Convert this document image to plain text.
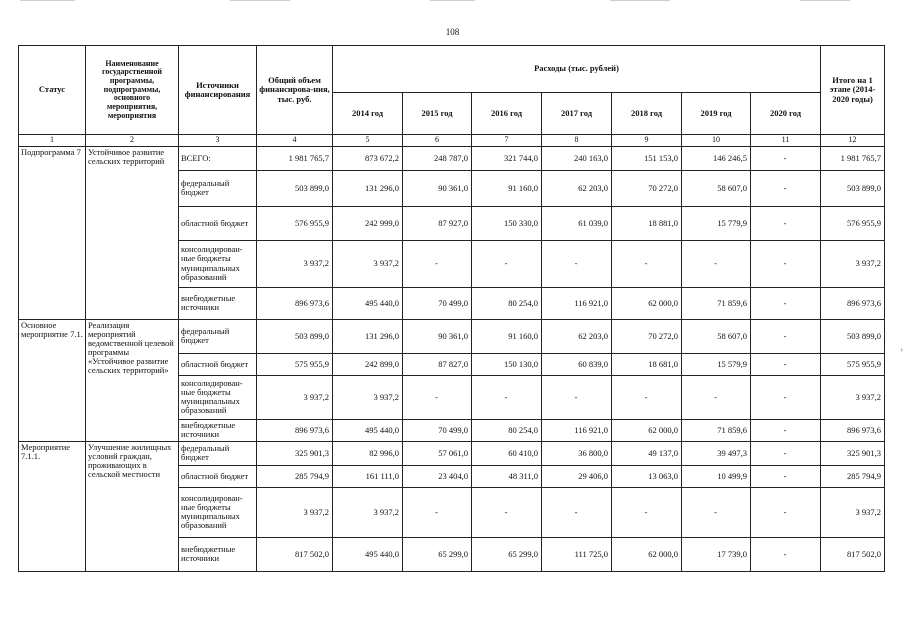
108
Статус	Наименование государственной программы, подпрограммы, основного мероприятия, мероприятия	Источники финансирования	Общий объем финансирова-ния, тыс. руб.	Расходы (тыс. рублей)							Итого на 1 этапе (2014-2020 годы)
				2014 год	2015 год	2016 год	2017 год	2018 год	2019 год	2020 год	
1	2	3	4	5	6	7	8	9	10	11	12
Подпрограмма 7	Устойчивое развитие сельских территорий	ВСЕГО:	1 981 765,7	873 672,2	248 787,0	321 744,0	240 163,0	151 153,0	146 246,5	-	1 981 765,7
		федеральный бюджет	503 899,0	131 296,0	90 361,0	91 160,0	62 203,0	70 272,0	58 607,0	-	503 899,0
		областной бюджет	576 955,9	242 999,0	87 927,0	150 330,0	61 039,0	18 881,0	15 779,9	-	576 955,9
		консолидирован-ные бюджеты муниципальных образований	3 937,2	3 937,2	-	-	-	-	-	-	3 937,2
		внебюджетные источники	896 973,6	495 440,0	70 499,0	80 254,0	116 921,0	62 000,0	71 859,6	-	896 973,6
Основное мероприятие 7.1.	Реализация мероприятий ведомственной целевой программы «Устойчивое развитие сельских территорий»	федеральный бюджет	503 899,0	131 296,0	90 361,0	91 160,0	62 203,0	70 272,0	58 607,0	-	503 899,0
		областной бюджет	575 955,9	242 899,0	87 827,0	150 130,0	60 839,0	18 681,0	15 579,9	-	575 955,9
		консолидирован-ные бюджеты муниципальных образований	3 937,2	3 937,2	-	-	-	-	-	-	3 937,2
		внебюджетные источники	896 973,6	495 440,0	70 499,0	80 254,0	116 921,0	62 000,0	71 859,6	-	896 973,6
Мероприятие 7.1.1.	Улучшение жилищных условий граждан, проживающих в сельской местности	федеральный бюджет	325 901,3	82 996,0	57 061,0	60 410,0	36 800,0	49 137,0	39 497,3	-	325 901,3
		областной бюджет	285 794,9	161 111,0	23 404,0	48 311,0	29 406,0	13 063,0	10 499,9	-	285 794,9
		консолидирован-ные бюджеты муниципальных образований	3 937,2	3 937,2	-	-	-	-	-	-	3 937,2
		внебюджетные источники	817 502,0	495 440,0	65 299,0	65 299,0	111 725,0	62 000,0	17 739,0	-	817 502,0
›
